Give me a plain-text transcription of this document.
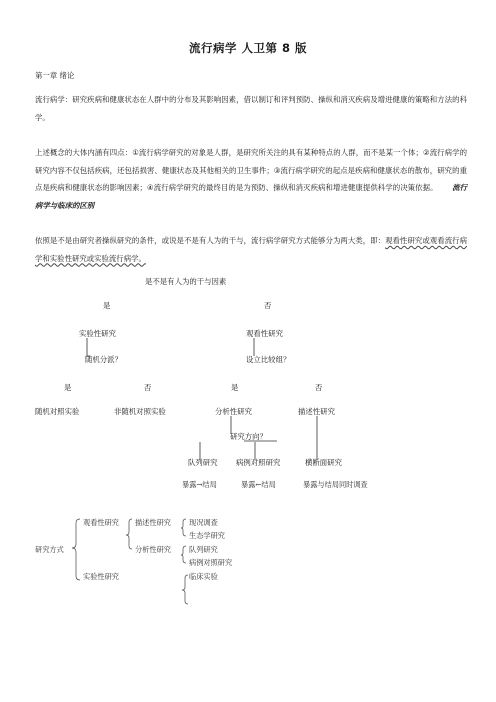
流行病学 人卫第 8 版
第一章 绪论
流行病学：研究疾病和健康状态在人群中的分布及其影响因素，借以制订和评判预防、操纵和消灭疾病及增进健康的策略和方法的科学。
上述概念的大体内涵有四点：①流行病学研究的对象是人群，是研究所关注的具有某种特点的人群，而不是某一个体；②流行病学的研究内容不仅包括疾病，还包括损害、健康状态及其他相关的卫生事件；③流行病学研究的起点是疾病和健康状态的散布，研究的重点是疾病和健康状态的影响因素；④流行病学研究的最终目的是为预防、操纵和消灭疾病和增进健康提供科学的决策依据。 流行病学与临床的区别
依照是不是由研究者操纵研究的条件，或说是不是有人为的干与，流行病学研究方式能够分为两大类，即：观看性研究或观看流行病学和实验性研究或实验流行病学。
是不是有人为的干与因素
是	否
实验性研究	观看性研究
随机分派？	设立比较组？
是	否	是	否
随机对照实验	非随机对照实验	分析性研究	描述性研究
研究方向？
队列研究 病例对照研究	横断面研究
暴露→结局	暴露←结局	暴露与结局同时调查
研究方式
观看性研究
实验性研究
描述性研究
分析性研究
现况调查
生态学研究
队列研究
病例对照研究
临床实验
